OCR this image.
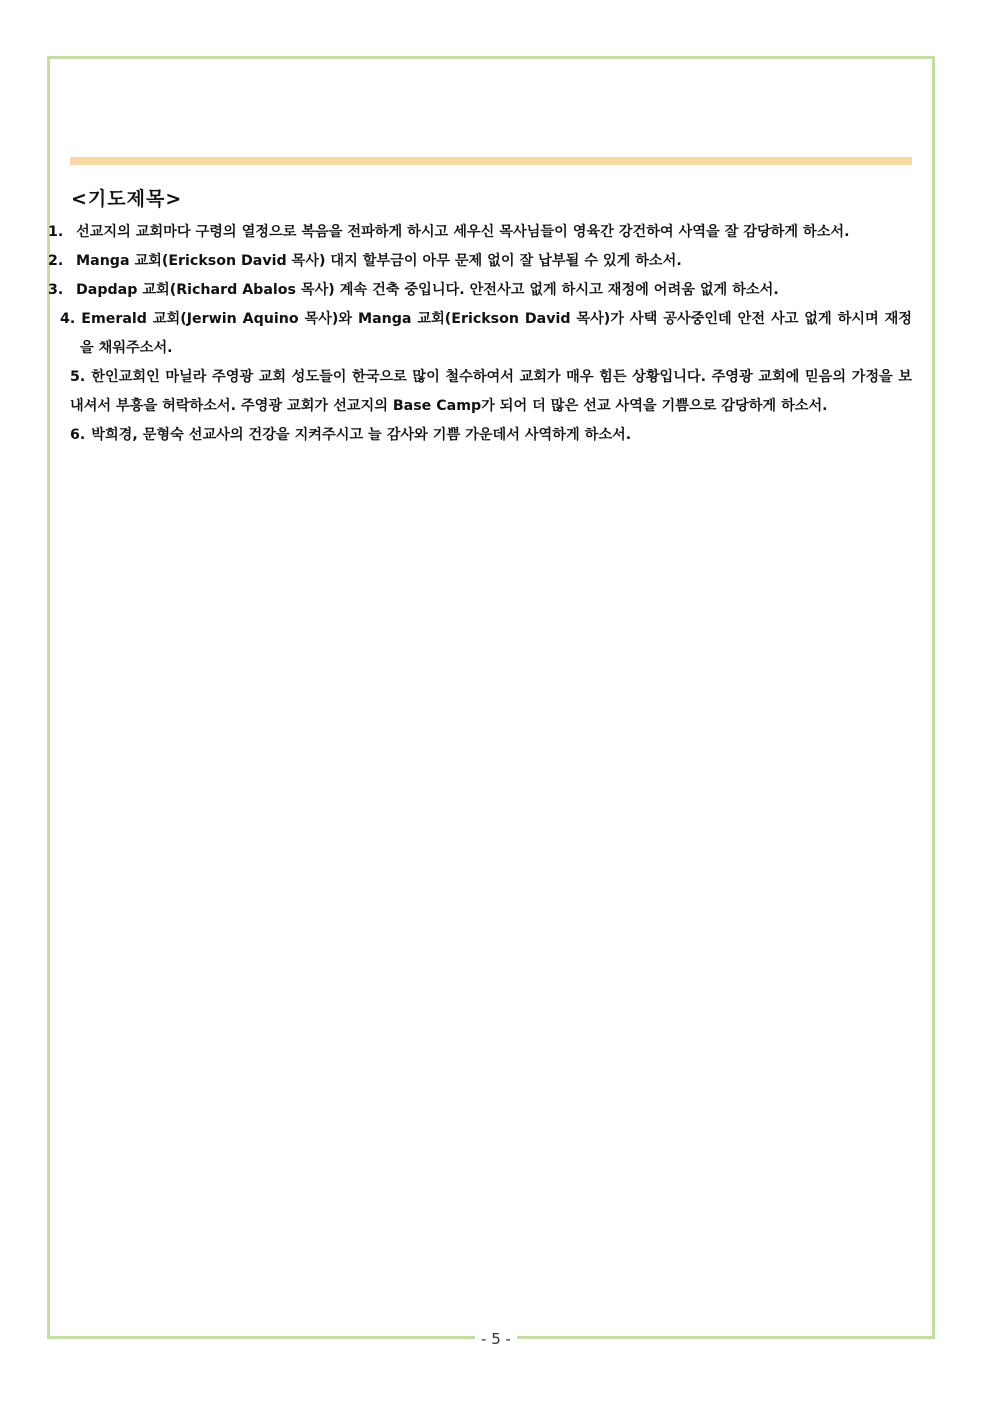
<기도제목>
1. 선교지의 교회마다 구령의 열정으로 복음을 전파하게 하시고 세우신 목사님들이 영육간 강건하여 사역을 잘 감당하게 하소서.
2. Manga 교회(Erickson David 목사) 대지 할부금이 아무 문제 없이 잘 납부될 수 있게 하소서.
3. Dapdap 교회(Richard Abalos 목사) 계속 건축 중입니다. 안전사고 없게 하시고 재정에 어려움 없게 하소서.
4. Emerald 교회(Jerwin Aquino 목사)와 Manga 교회(Erickson David 목사)가 사택 공사중인데 안전 사고 없게 하시며 재정을 채워주소서.
5. 한인교회인 마닐라 주영광 교회 성도들이 한국으로 많이 철수하여서 교회가 매우 힘든 상황입니다. 주영광 교회에 믿음의 가정을 보내셔서 부흥을 허락하소서. 주영광 교회가 선교지의 Base Camp가 되어 더 많은 선교 사역을 기쁨으로 감당하게 하소서.
6. 박희경, 문형숙 선교사의 건강을 지켜주시고 늘 감사와 기쁨 가운데서 사역하게 하소서.
- 5 -
